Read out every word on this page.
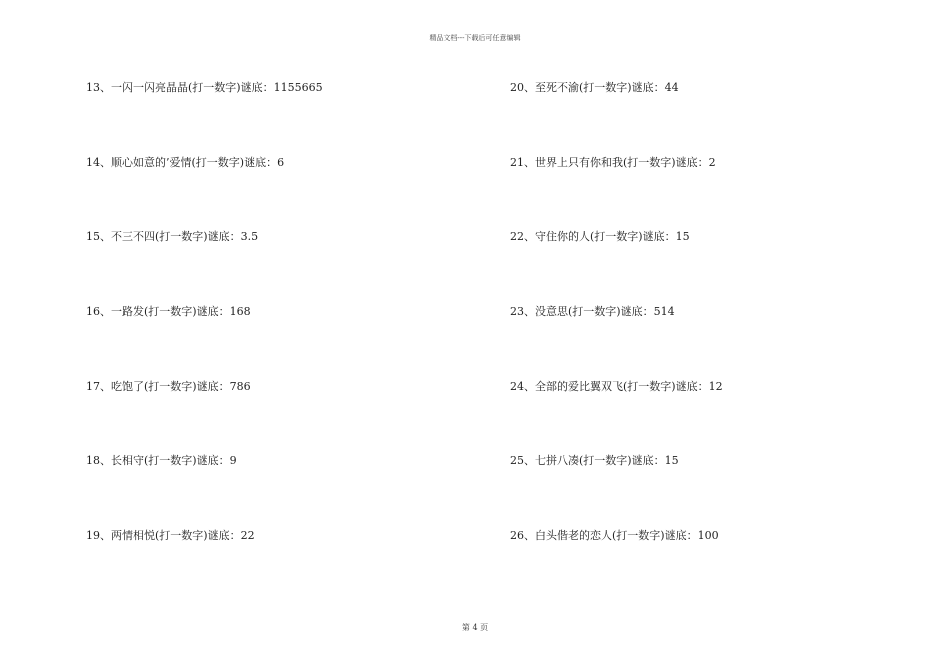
精品文档---下载后可任意编辑
13、一闪一闪亮晶晶(打一数字)谜底：1155665
14、顺心如意的’爱情(打一数字)谜底：6
15、不三不四(打一数字)谜底：3.5
16、一路发(打一数字)谜底：168
17、吃饱了(打一数字)谜底：786
18、长相守(打一数字)谜底：9
19、两情相悦(打一数字)谜底：22
20、至死不渝(打一数字)谜底：44
21、世界上只有你和我(打一数字)谜底：2
22、守住你的人(打一数字)谜底：15
23、没意思(打一数字)谜底：514
24、全部的爱比翼双飞(打一数字)谜底：12
25、七拼八凑(打一数字)谜底：15
26、白头偕老的恋人(打一数字)谜底：100
第 4 页
